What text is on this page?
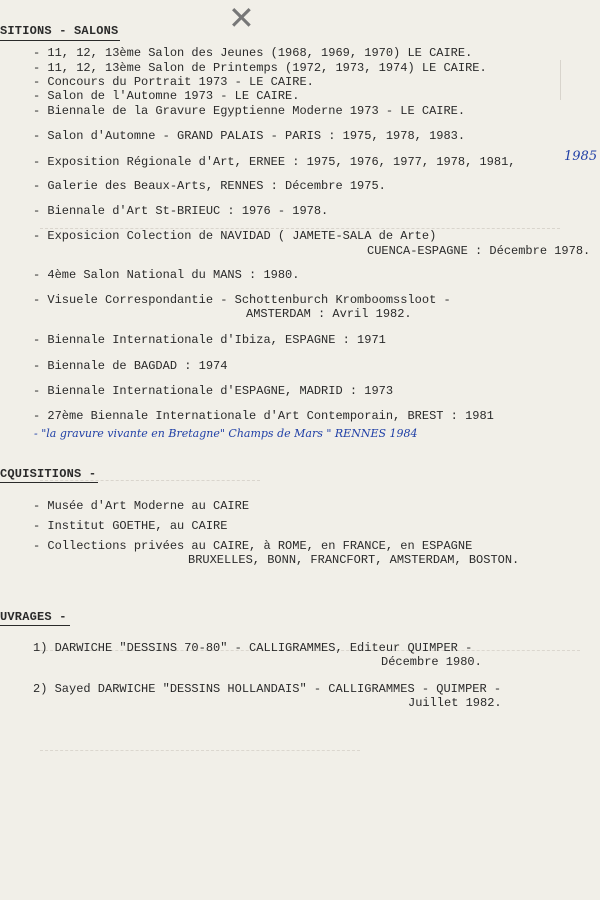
✕
SITIONS - SALONS
- 11, 12, 13ème Salon des Jeunes (1968, 1969, 1970) LE CAIRE.
- 11, 12, 13ème Salon de Printemps (1972, 1973, 1974) LE CAIRE.
- Concours du Portrait 1973 - LE CAIRE.
- Salon de l'Automne 1973 - LE CAIRE.
- Biennale de la Gravure Egyptienne Moderne 1973 - LE CAIRE.
- Salon d'Automne - GRAND PALAIS - PARIS : 1975, 1978, 1983.
- Exposition Régionale d'Art, ERNEE : 1975, 1976, 1977, 1978, 1981,	1985
- Galerie des Beaux-Arts, RENNES : Décembre 1975.
- Biennale d'Art St-BRIEUC : 1976 - 1978.
- Exposicion Colection de NAVIDAD ( JAMETE-SALA de Arte)
CUENCA-ESPAGNE : Décembre 1978.
- 4ème Salon National du MANS : 1980.
- Visuele Correspondantie - Schottenburch Kromboomssloot -
AMSTERDAM : Avril 1982.
- Biennale Internationale d'Ibiza, ESPAGNE : 1971
- Biennale de BAGDAD : 1974
- Biennale Internationale d'ESPAGNE, MADRID : 1973
- 27ème Biennale Internationale d'Art Contemporain, BREST : 1981
- "la gravure vivante en Bretagne" Champs de Mars " RENNES 1984
CQUISITIONS -
- Musée d'Art Moderne au CAIRE
- Institut GOETHE, au CAIRE
- Collections privées au CAIRE, à ROME, en FRANCE, en ESPAGNE
BRUXELLES, BONN, FRANCFORT, AMSTERDAM, BOSTON.
UVRAGES -
1) DARWICHE "DESSINS 70-80" - CALLIGRAMMES, Editeur QUIMPER -
Décembre 1980.
2) Sayed DARWICHE "DESSINS HOLLANDAIS" - CALLIGRAMMES - QUIMPER -
Juillet 1982.
